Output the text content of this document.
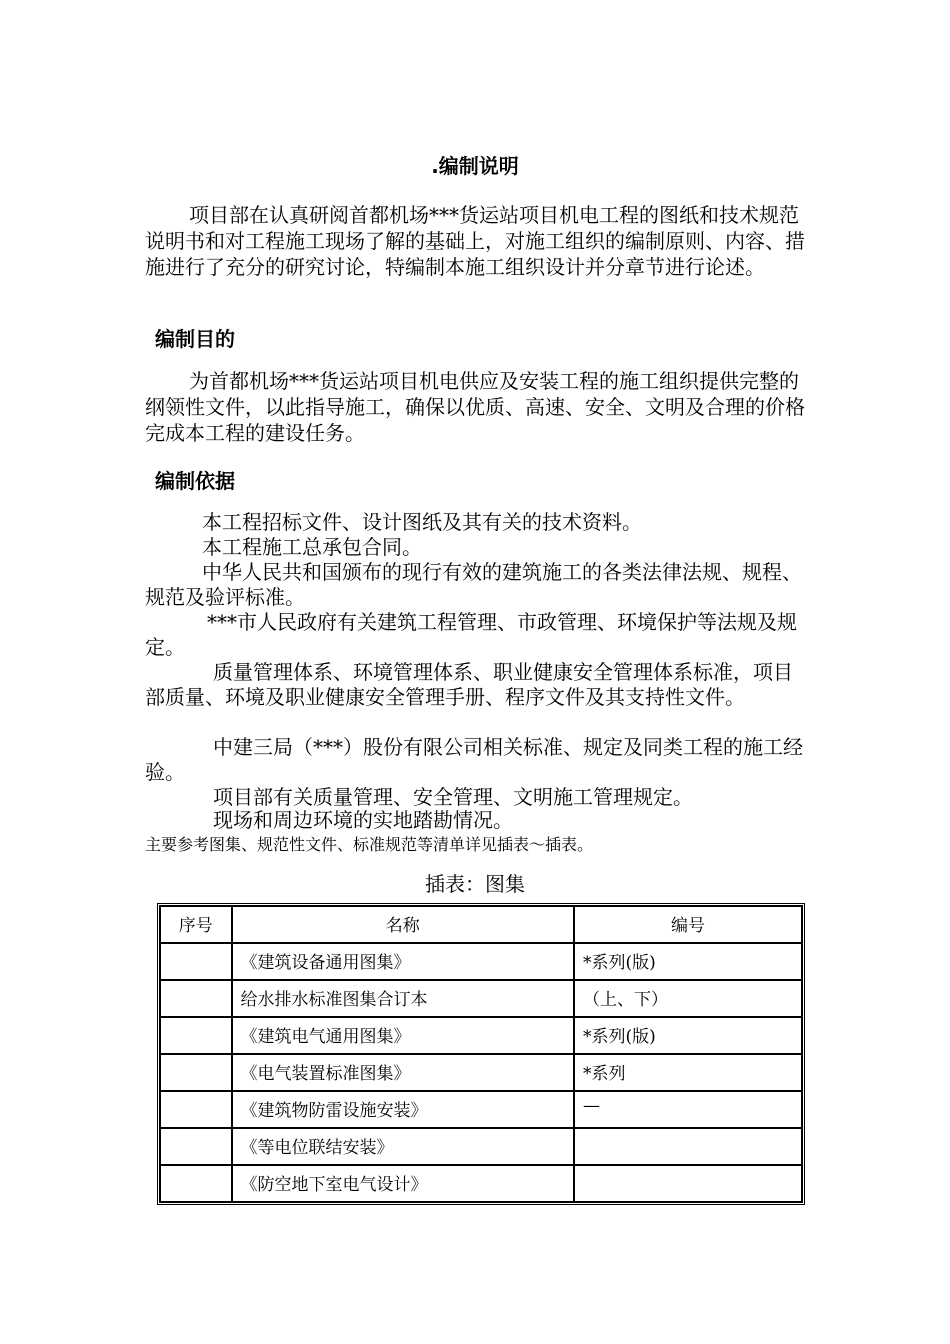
.编制说明

项目部在认真研阅首都机场***货运站项目机电工程的图纸和技术规范说明书和对工程施工现场了解的基础上，对施工组织的编制原则、内容、措施进行了充分的研究讨论，特编制本施工组织设计并分章节进行论述。

编制目的

为首都机场***货运站项目机电供应及安装工程的施工组织提供完整的纲领性文件，以此指导施工，确保以优质、高速、安全、文明及合理的价格完成本工程的建设任务。

编制依据

本工程招标文件、设计图纸及其有关的技术资料。

本工程施工总承包合同。

中华人民共和国颁布的现行有效的建筑施工的各类法律法规、规程、规范及验评标准。

***市人民政府有关建筑工程管理、市政管理、环境保护等法规及规定。

质量管理体系、环境管理体系、职业健康安全管理体系标准，项目部质量、环境及职业健康安全管理手册、程序文件及其支持性文件。

中建三局（***）股份有限公司相关标准、规定及同类工程的施工经验。

项目部有关质量管理、安全管理、文明施工管理规定。

现场和周边环境的实地踏勘情况。

主要参考图集、规范性文件、标准规范等清单详见插表～插表。
插表：图集
序号	名称	编号
	《建筑设备通用图集》	*系列(版)
	给水排水标准图集合订本	（上、下）
	《建筑电气通用图集》	*系列(版)
	《电气装置标准图集》	*系列
	《建筑物防雷设施安装》	—
	《等电位联结安装》	
	《防空地下室电气设计》	
